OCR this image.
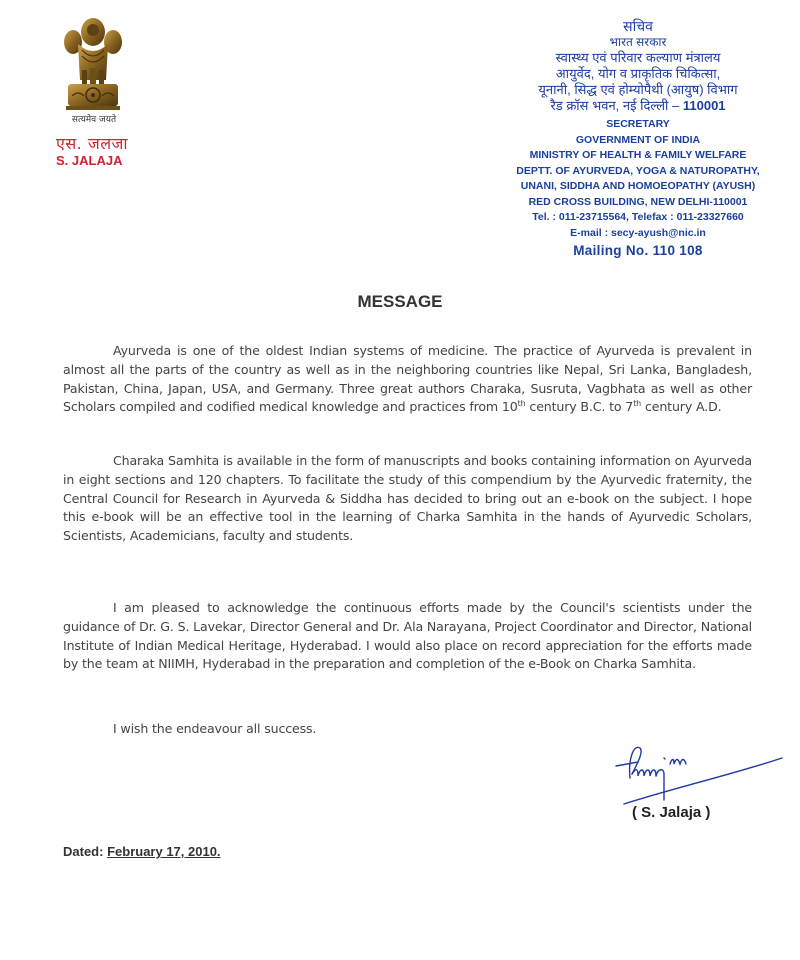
सत्यमेव जयते
एस. जलजा
S. JALAJA
सचिव
भारत सरकार
स्वास्थ्य एवं परिवार कल्याण मंत्रालय
आयुर्वेद, योग व प्राकृतिक चिकित्सा,
यूनानी, सिद्ध एवं होम्योपैथी (आयुष) विभाग
रैड क्रॉस भवन, नई दिल्ली – 110001
SECRETARY
GOVERNMENT OF INDIA
MINISTRY OF HEALTH & FAMILY WELFARE
DEPTT. OF AYURVEDA, YOGA & NATUROPATHY,
UNANI, SIDDHA AND HOMOEOPATHY (AYUSH)
RED CROSS BUILDING, NEW DELHI-110001
Tel. : 011-23715564, Telefax : 011-23327660
E-mail : secy-ayush@nic.in
Mailing No. 110 108
MESSAGE

Ayurveda is one of the oldest Indian systems of medicine. The practice of Ayurveda is prevalent in almost all the parts of the country as well as in the neighboring countries like Nepal, Sri Lanka, Bangladesh, Pakistan, China, Japan, USA, and Germany. Three great authors Charaka, Susruta, Vagbhata as well as other Scholars compiled and codified medical knowledge and practices from 10th century B.C. to 7th century A.D.

Charaka Samhita is available in the form of manuscripts and books containing information on Ayurveda in eight sections and 120 chapters. To facilitate the study of this compendium by the Ayurvedic fraternity, the Central Council for Research in Ayurveda & Siddha has decided to bring out an e-book on the subject. I hope this e-book will be an effective tool in the learning of Charka Samhita in the hands of Ayurvedic Scholars, Scientists, Academicians, faculty and students.

I am pleased to acknowledge the continuous efforts made by the Council's scientists under the guidance of Dr. G. S. Lavekar, Director General and Dr. Ala Narayana, Project Coordinator and Director, National Institute of Indian Medical Heritage, Hyderabad. I would also place on record appreciation for the efforts made by the team at NIIMH, Hyderabad in the preparation and completion of the e-Book on Charka Samhita.

I wish the endeavour all success.

( S. Jalaja )
Dated: February 17, 2010.
